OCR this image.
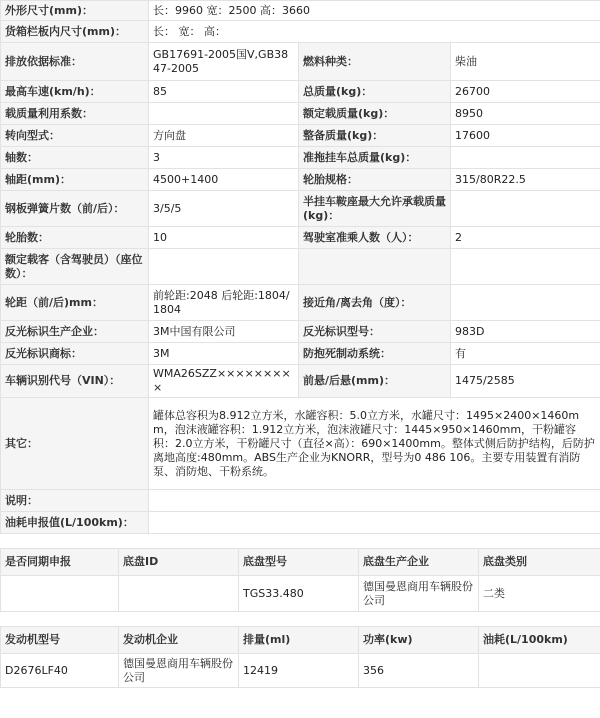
外形尺寸(mm)：	长：9960 宽：2500 高：3660		
货箱栏板内尺寸(mm)：	长： 宽： 高：		
排放依据标准：	GB17691-2005国Ⅴ,GB3847-2005	燃料种类：	柴油
最高车速(km/h)：	85	总质量(kg)：	26700
载质量利用系数：		额定载质量(kg)：	8950
转向型式：	方向盘	整备质量(kg)：	17600
轴数：	3	准拖挂车总质量(kg)：	
轴距(mm)：	4500+1400	轮胎规格：	315/80R22.5
钢板弹簧片数（前/后）：	3/5/5	半挂车鞍座最大允许承载质量(kg)：	
轮胎数：	10	驾驶室准乘人数（人）：	2
额定载客（含驾驶员）（座位数）：			
轮距（前/后)mm：	前轮距:2048 后轮距:1804/1804	接近角/离去角（度）：	
反光标识生产企业：	3M中国有限公司	反光标识型号：	983D
反光标识商标：	3M	防抱死制动系统：	有
车辆识别代号（VIN）：	WMA26SZZ×××××××××	前悬/后悬(mm)：	1475/2585
其它：	罐体总容积为8.912立方米，水罐容积：5.0立方米，水罐尺寸：1495×2400×1460mm，泡沫液罐容积：1.912立方米，泡沫液罐尺寸：1445×950×1460mm，干粉罐容积：2.0立方米，干粉罐尺寸（直径×高）：690×1400mm。整体式侧后防护结构，后防护离地高度:480mm。ABS生产企业为KNORR，型号为0 486 106。主要专用装置有消防泵、消防炮、干粉系统。		
说明：			
油耗申报值(L/100km)：			
是否同期申报	底盘ID	底盘型号	底盘生产企业	底盘类别
		TGS33.480	德国曼恩商用车辆股份公司	二类
发动机型号	发动机企业	排量(ml)	功率(kw)	油耗(L/100km)
D2676LF40	德国曼恩商用车辆股份公司	12419	356	
